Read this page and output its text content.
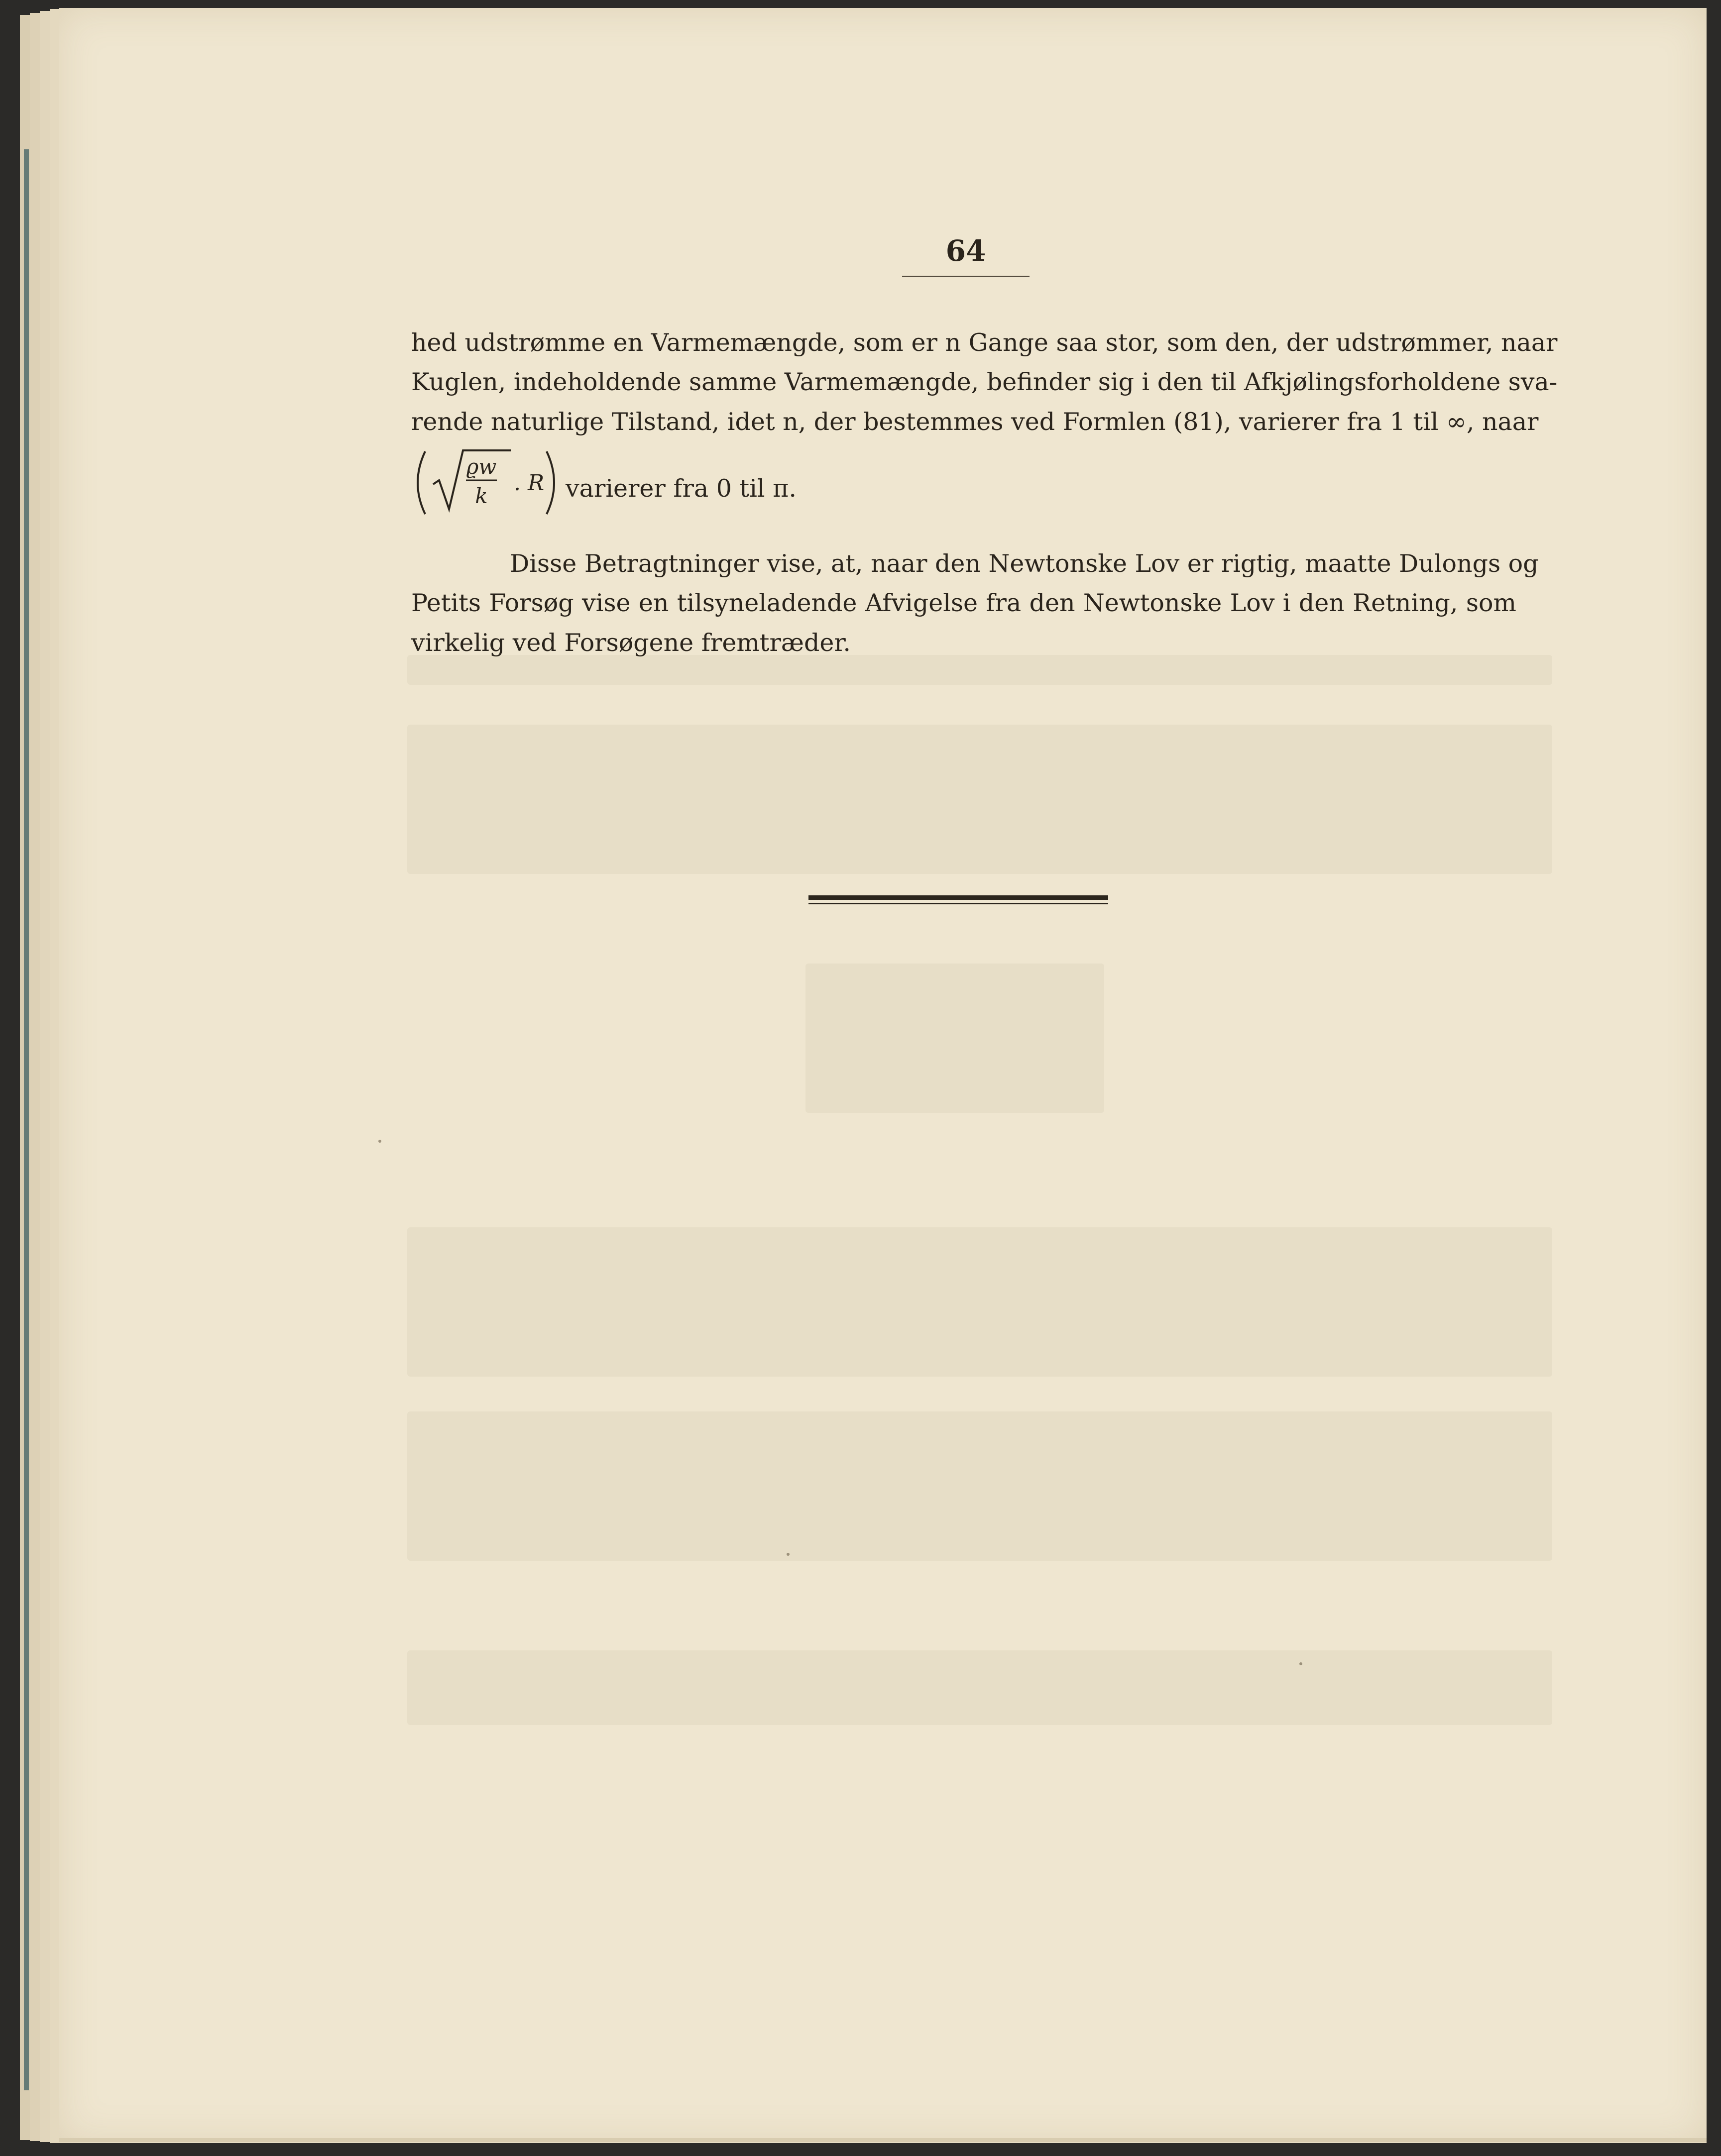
64
hed udstrømme en Varmemængde, som er n Gange saa stor, som den, der udstrømmer, naar
Kuglen, indeholdende samme Varmemængde, befinder sig i den til Afkjølingsforholdene sva-
rende naturlige Tilstand, idet n, der bestemmes ved Formlen (81), varierer fra 1 til ∞, naar
ϱw
k
. R varierer fra 0 til π.
Disse Betragtninger vise, at, naar den Newtonske Lov er rigtig, maatte Dulongs og
Petits Forsøg vise en tilsyneladende Afvigelse fra den Newtonske Lov i den Retning, som
virkelig ved Forsøgene fremtræder.
